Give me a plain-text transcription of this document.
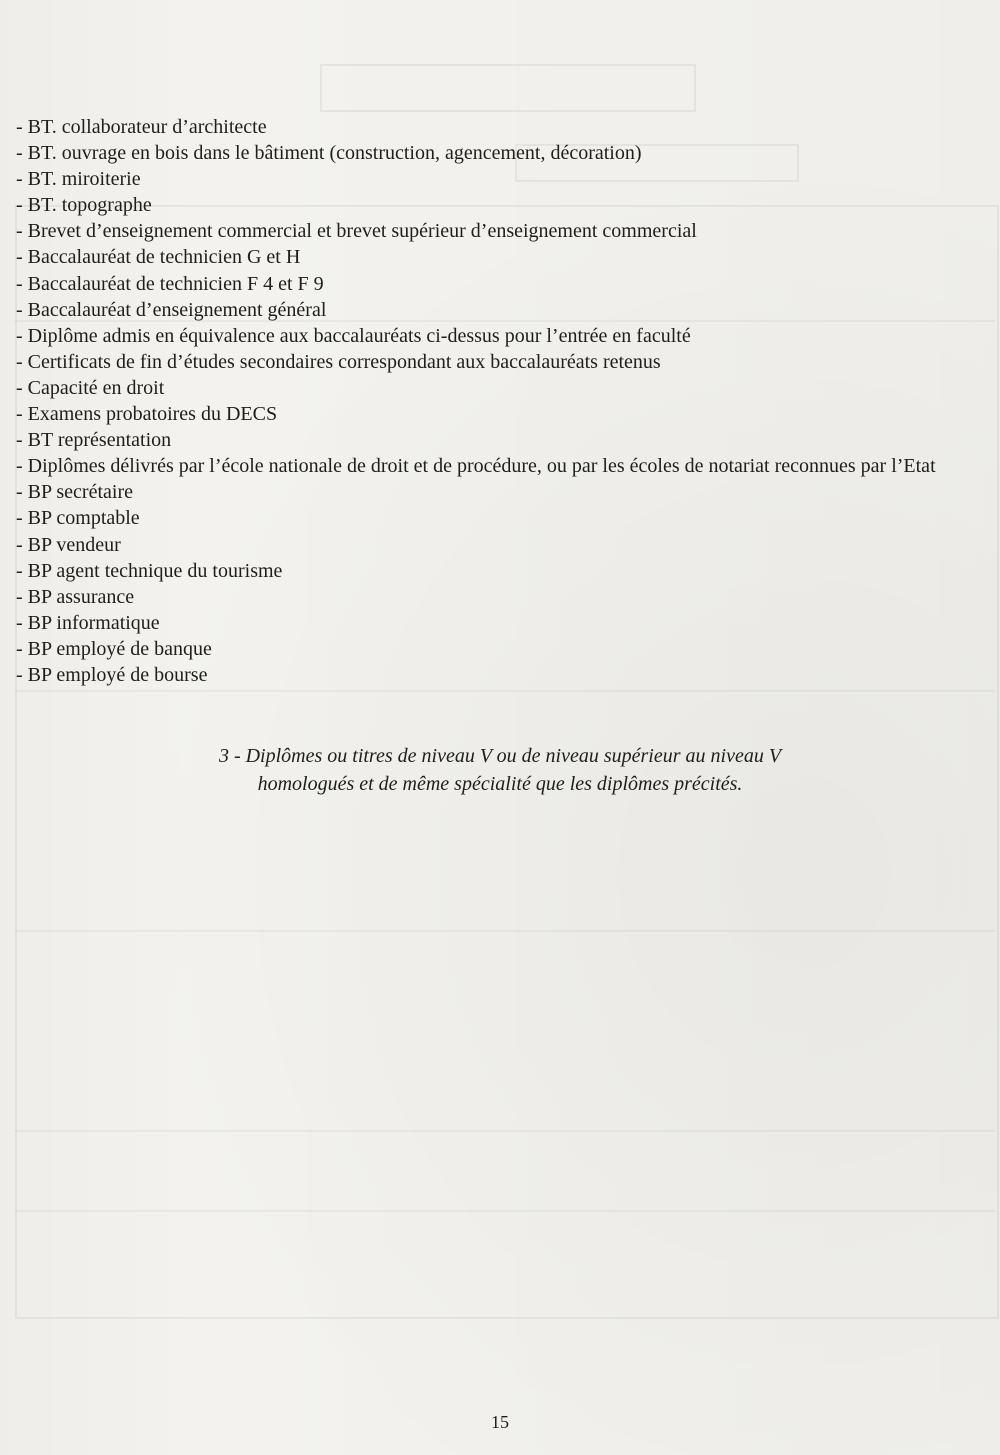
- BT. collaborateur d’architecte

- BT. ouvrage en bois dans le bâtiment (construction, agencement, décoration)

- BT. miroiterie

- BT. topographe

- Brevet d’enseignement commercial et brevet supérieur d’enseignement commercial

- Baccalauréat de technicien G et H

- Baccalauréat de technicien F 4 et F 9

- Baccalauréat d’enseignement général

- Diplôme admis en équivalence aux baccalauréats ci-dessus pour l’entrée en faculté

- Certificats de fin d’études secondaires correspondant aux baccalauréats retenus

- Capacité en droit

- Examens probatoires du DECS

- BT représentation

- Diplômes délivrés par l’école nationale de droit et de procédure, ou par les écoles de notariat reconnues par l’Etat

- BP secrétaire

- BP comptable

- BP vendeur

- BP agent technique du tourisme

- BP assurance

- BP informatique

- BP employé de banque

- BP employé de bourse

3 - Diplômes ou titres de niveau V ou de niveau supérieur au niveau V
homologués et de même spécialité que les diplômes précités.
15
